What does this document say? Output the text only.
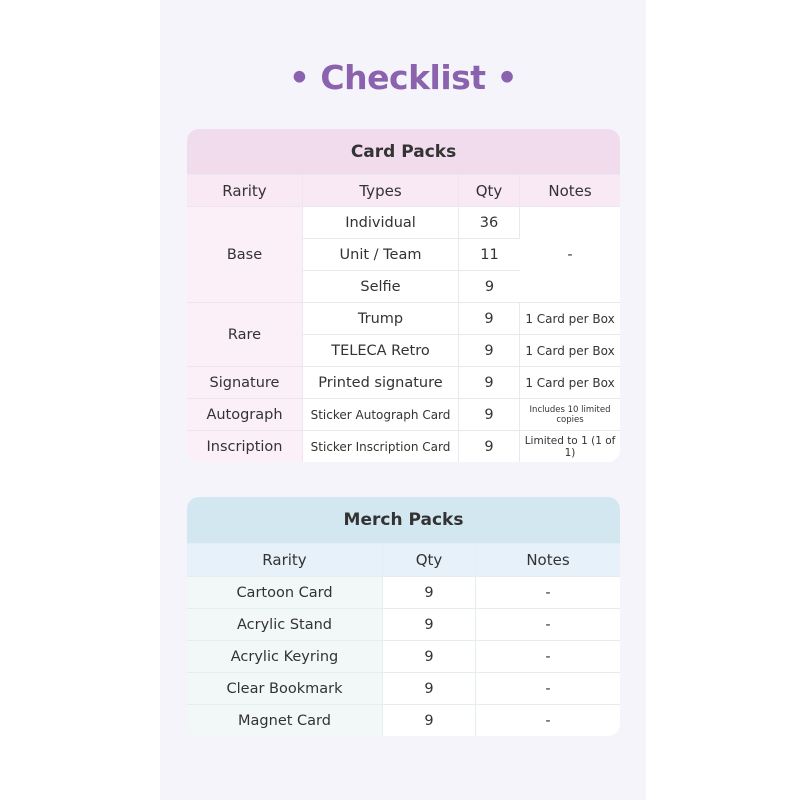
• Checklist •
Card Packs			
Rarity	Types	Qty	Notes
Base	Individual	36	-
	Unit / Team	11	
	Selfie	9	
Rare	Trump	9	1 Card per Box
	TELECA Retro	9	1 Card per Box
Signature	Printed signature	9	1 Card per Box
Autograph	Sticker Autograph Card	9	Includes 10 limited copies
Inscription	Sticker Inscription Card	9	Limited to 1 (1 of 1)
Merch Packs		
Rarity	Qty	Notes
Cartoon Card	9	-
Acrylic Stand	9	-
Acrylic Keyring	9	-
Clear Bookmark	9	-
Magnet Card	9	-
